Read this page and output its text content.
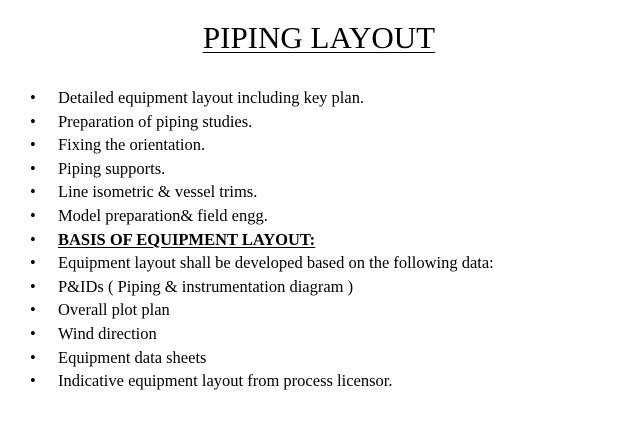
PIPING LAYOUT
•	Detailed equipment layout including key plan.
•	Preparation of piping studies.
•	Fixing the orientation.
•	Piping supports.
•	Line isometric & vessel trims.
•	Model preparation& field engg.
•	BASIS OF EQUIPMENT LAYOUT:
•	Equipment layout shall be developed based on the following data:
•	P&IDs ( Piping & instrumentation diagram )
•	Overall plot plan
•	Wind direction
•	Equipment data sheets
•	Indicative equipment layout from process licensor.
